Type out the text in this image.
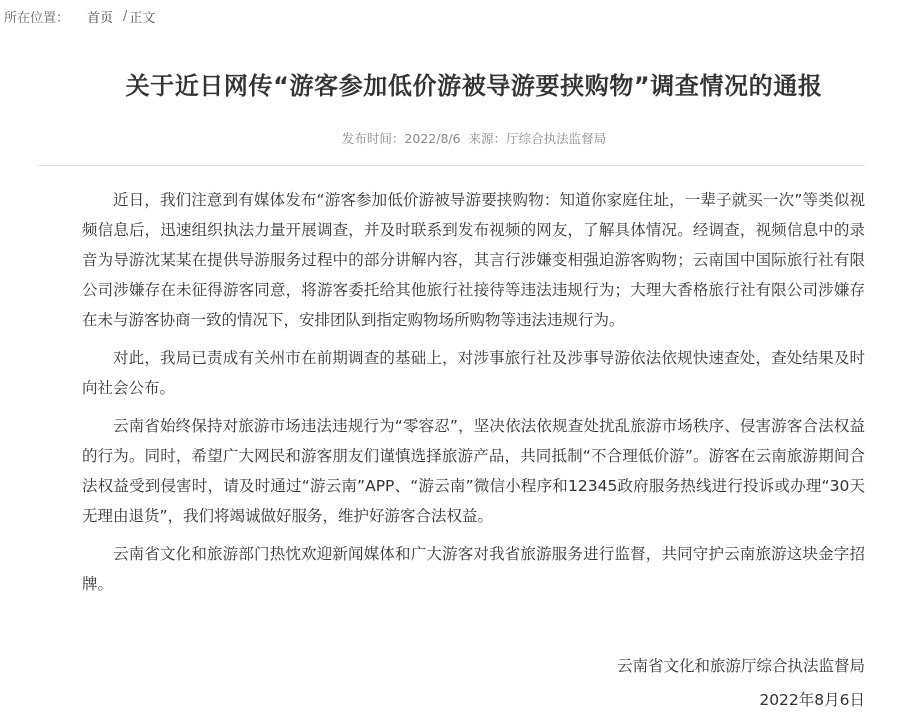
所在位置： 首页 / 正文
关于近日网传“游客参加低价游被导游要挟购物”调查情况的通报
发布时间：2022/8/6 来源：厅综合执法监督局

近日，我们注意到有媒体发布“游客参加低价游被导游要挟购物：知道你家庭住址，一辈子就买一次”等类似视频信息后，迅速组织执法力量开展调查，并及时联系到发布视频的网友，了解具体情况。经调查，视频信息中的录音为导游沈某某在提供导游服务过程中的部分讲解内容，其言行涉嫌变相强迫游客购物；云南国中国际旅行社有限公司涉嫌存在未征得游客同意，将游客委托给其他旅行社接待等违法违规行为；大理大香格旅行社有限公司涉嫌存在未与游客协商一致的情况下，安排团队到指定购物场所购物等违法违规行为。

对此，我局已责成有关州市在前期调查的基础上，对涉事旅行社及涉事导游依法依规快速查处，查处结果及时向社会公布。

云南省始终保持对旅游市场违法违规行为“零容忍”，坚决依法依规查处扰乱旅游市场秩序、侵害游客合法权益的行为。同时，希望广大网民和游客朋友们谨慎选择旅游产品，共同抵制“不合理低价游”。游客在云南旅游期间合法权益受到侵害时，请及时通过“游云南”APP、“游云南”微信小程序和12345政府服务热线进行投诉或办理“30天无理由退货”，我们将竭诚做好服务，维护好游客合法权益。

云南省文化和旅游部门热忱欢迎新闻媒体和广大游客对我省旅游服务进行监督，共同守护云南旅游这块金字招牌。

云南省文化和旅游厅综合执法监督局
2022年8月6日
